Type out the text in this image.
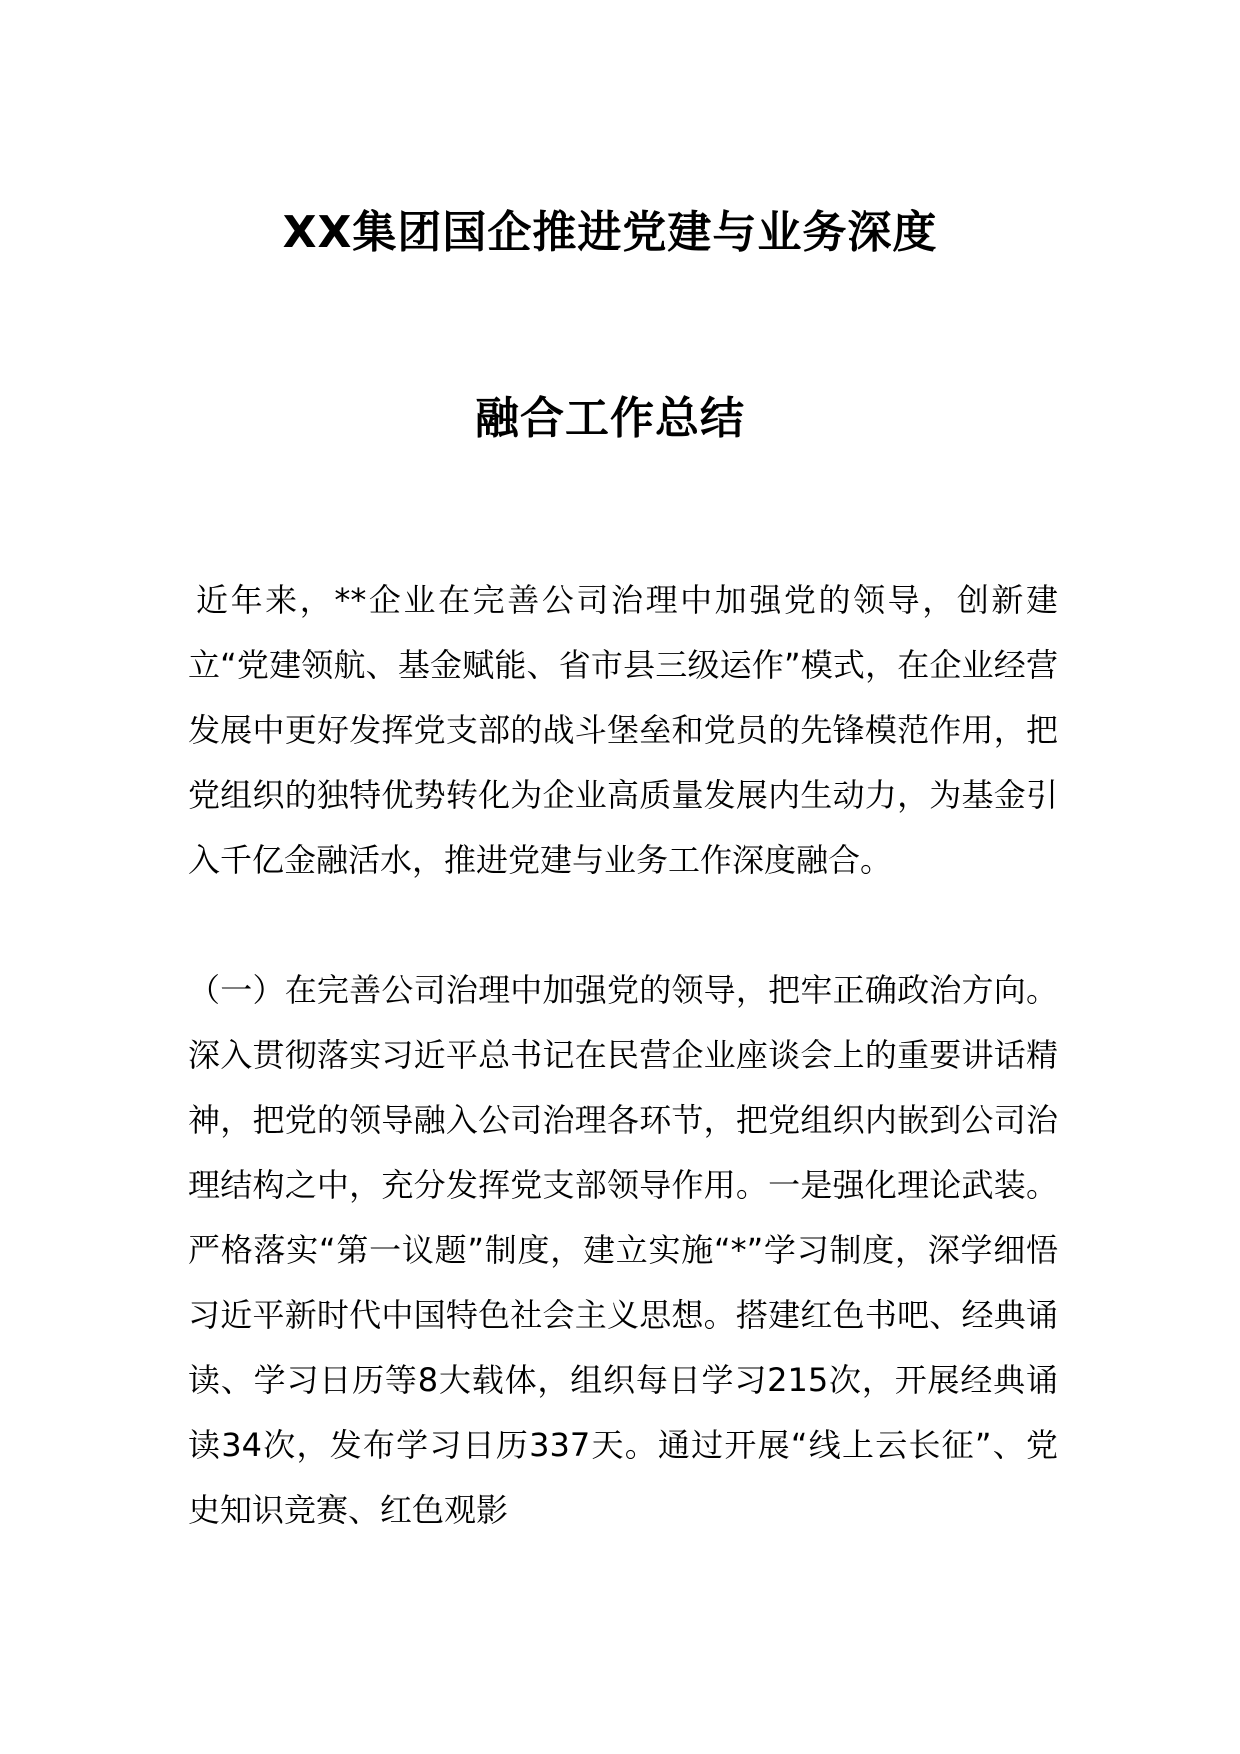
XX集团国企推进党建与业务深度
融合工作总结
近年来，**企业在完善公司治理中加强党的领导，创新建立“党建领航、基金赋能、省市县三级运作”模式，在企业经营发展中更好发挥党支部的战斗堡垒和党员的先锋模范作用，把党组织的独特优势转化为企业高质量发展内生动力，为基金引入千亿金融活水，推进党建与业务工作深度融合。
（一）在完善公司治理中加强党的领导，把牢正确政治方向。深入贯彻落实习近平总书记在民营企业座谈会上的重要讲话精神，把党的领导融入公司治理各环节，把党组织内嵌到公司治理结构之中，充分发挥党支部领导作用。一是强化理论武装。严格落实“第一议题”制度，建立实施“*”学习制度，深学细悟习近平新时代中国特色社会主义思想。搭建红色书吧、经典诵读、学习日历等8大载体，组织每日学习215次，开展经典诵读34次，发布学习日历337天。通过开展“线上云长征”、党史知识竞赛、红色观影
